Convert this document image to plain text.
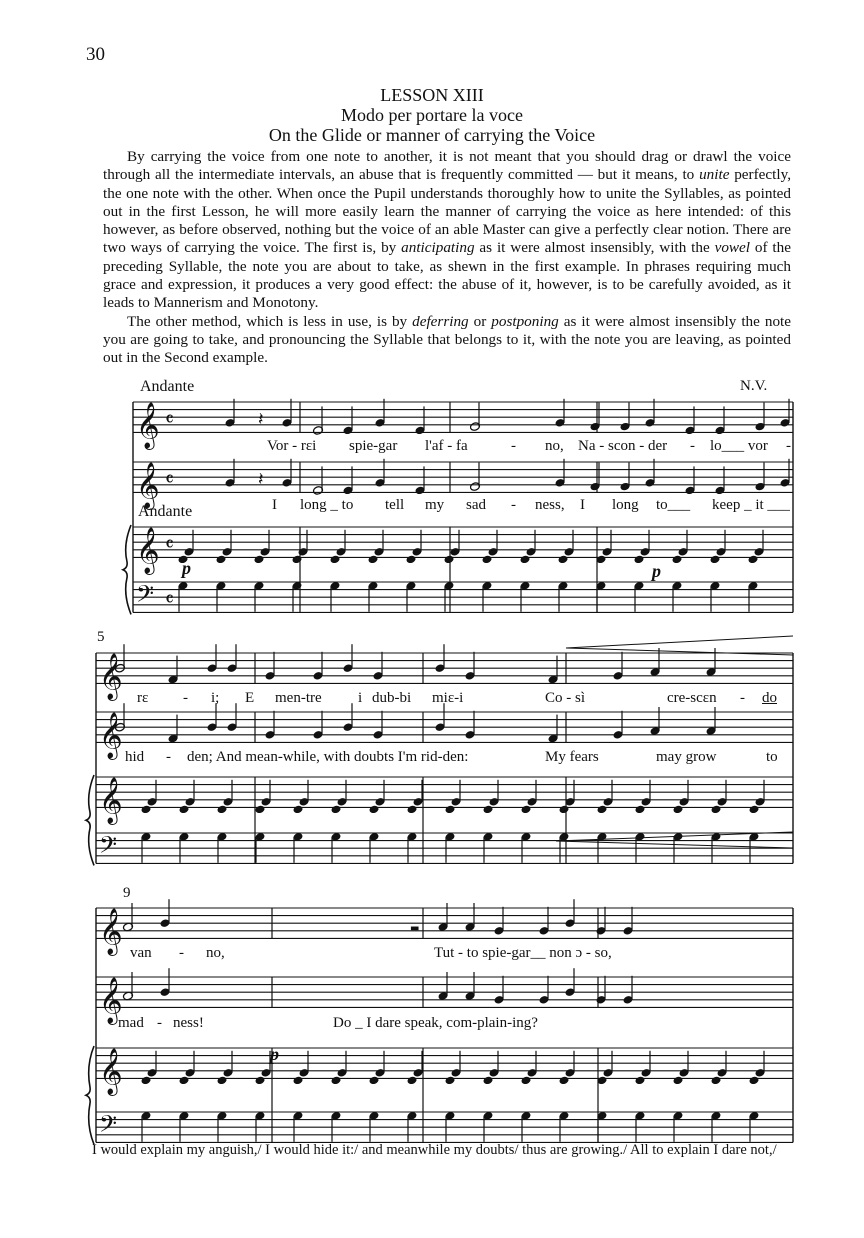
30
LESSON XIII
Modo per portare la voce
On the Glide or manner of carrying the Voice

By carrying the voice from one note to another, it is not meant that you should drag or drawl the voice through all the intermediate intervals, an abuse that is frequently committed — but it means, to unite perfectly, the one note with the other. When once the Pupil understands thoroughly how to unite the Syllables, as pointed out in the first Lesson, he will more easily learn the manner of carrying the voice as here intended: of this however, as before observed, nothing but the voice of an able Master can give a perfectly clear notion. There are two ways of carrying the voice. The first is, by anticipating as it were almost insensibly, with the vowel of the preceding Syllable, the note you are about to take, as shewn in the first example. In phrases requiring much grace and expression, it produces a very good effect: the abuse of it, however, is to be carefully avoided, as it leads to Mannerism and Monotony.

The other method, which is less in use, is by deferring or postponing as it were almost insensibly the note you are going to take, and pronouncing the Syllable that belongs to it, with the note you are leaving, as pointed out in the Second example.

𝄞 𝄴
𝄞 𝄴
𝄞 𝄴
𝄢 𝄴
𝄞
𝄞
𝄞
𝄢
𝄞
𝄞
𝄞
𝄢
𝄽
𝄽
▬
Andante	N.V.
Andante
p	p
p
Vor - rεi spie-gar l'af - fa	- no, Na - scon - der - lo___ vor -
I long _ to tell my sad - ness, I long to___ keep _ it ___
5
rε - i; E men-tre i dub-bi miε-i	Co - sì	cre-scεn - do
hid - den; And mean-while, with doubts I'm rid-den:	My fears	may grow	to
9
van - no,	Tut - to spie-gar__ non ɔ - so,
mad - ness!	Do _ I dare speak, com-plain-ing?
I would explain my anguish,/ I would hide it:/ and meanwhile my doubts/ thus are growing./ All to explain I dare not,/
